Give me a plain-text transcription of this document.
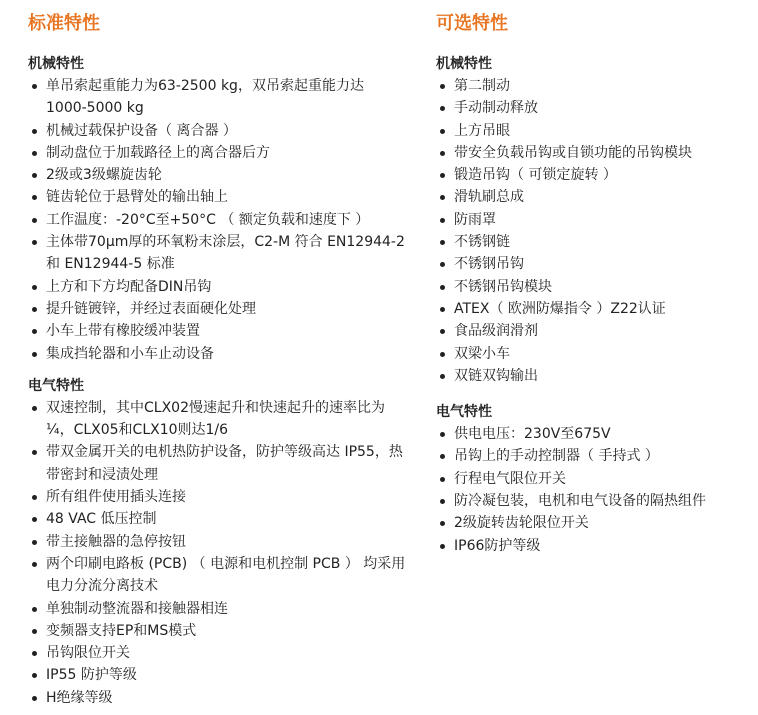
标准特性
机械特性
单吊索起重能力为63-2500 kg，双吊索起重能力达 1000-5000 kg
机械过载保护设备（ 离合器 ）
制动盘位于加载路径上的离合器后方
2级或3级螺旋齿轮
链齿轮位于悬臂处的输出轴上
工作温度：-20°C至+50°C （ 额定负载和速度下 ）
主体带70µm厚的环氧粉末涂层，C2-M 符合 EN12944-2 和 EN12944-5 标准
上方和下方均配备DIN吊钩
提升链镀锌，并经过表面硬化处理
小车上带有橡胶缓冲装置
集成挡轮器和小车止动设备
电气特性
双速控制，其中CLX02慢速起升和快速起升的速率比为¼，CLX05和CLX10则达1/6
带双金属开关的电机热防护设备，防护等级高达 IP55，热带密封和浸渍处理
所有组件使用插头连接
48 VAC 低压控制
带主接触器的急停按钮
两个印刷电路板 (PCB) （ 电源和电机控制 PCB ） 均采用电力分流分离技术
单独制动整流器和接触器相连
变频器支持EP和MS模式
吊钩限位开关
IP55 防护等级
H绝缘等级
可选特性
机械特性
第二制动
手动制动释放
上方吊眼
带安全负载吊钩或自锁功能的吊钩模块
锻造吊钩（ 可锁定旋转 ）
滑轨刷总成
防雨罩
不锈钢链
不锈钢吊钩
不锈钢吊钩模块
ATEX（ 欧洲防爆指令 ）Z22认证
食品级润滑剂
双梁小车
双链双钩输出
电气特性
供电电压：230V至675V
吊钩上的手动控制器（ 手持式 ）
行程电气限位开关
防冷凝包装，电机和电气设备的隔热组件
2级旋转齿轮限位开关
IP66防护等级
